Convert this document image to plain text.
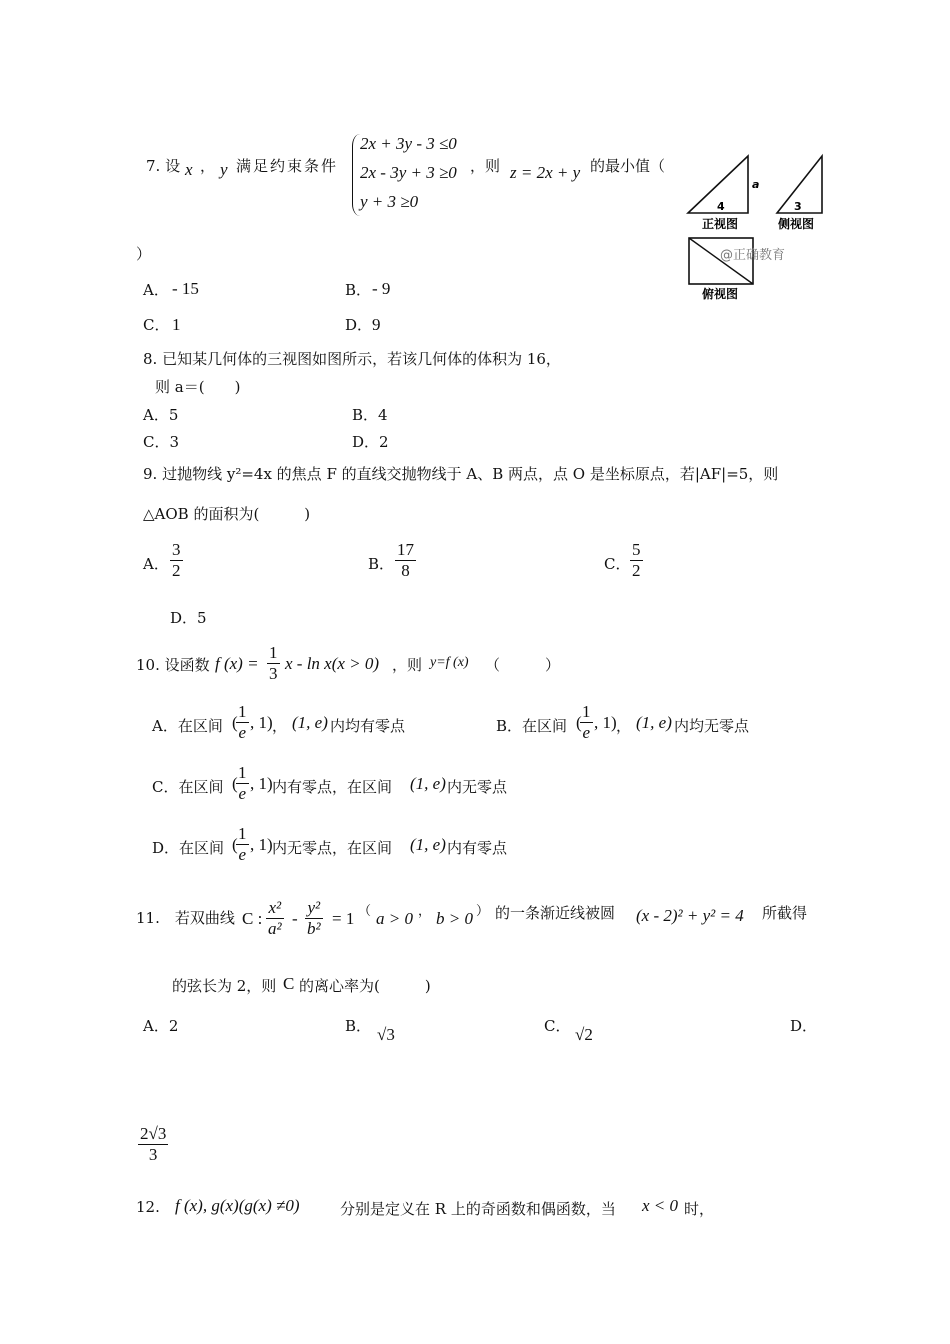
7. 设 x ， y 满足约束条件
2x + 3y - 3 ≤0
2x - 3y + 3 ≥0
y + 3 ≥0
，则 z = 2x + y 的最小值（
）
A． - 15	B． - 9
C． 1	D． 9
4
a
正视图
3
侧视图
俯视图
@正确教育
8. 已知某几何体的三视图如图所示，若该几何体的体积为 16，
则 a＝(　　)
A．5	B．4
C．3	D．2
9. 过抛物线 y²=4x 的焦点 F 的直线交抛物线于 A、B 两点，点 O 是坐标原点，若|AF|=5，则
△AOB 的面积为(　　　)
A． $\frac{3}{2}$	B． $\frac{17}{8}$	C． $\frac{5}{2}$
D．5
10. 设函数 f $(x) = \frac{1}{3}$ x - ln x(x > 0) ，则 y=f (x) （　　　）
A．在区间 (
$\frac{1}{e}$ , 1) ， (1, e) 内均有零点	B．在区间 (
$\frac{1}{e}$ , 1) ， (1, e) 内均无零点
C．在区间 (
$\frac{1}{e}$ , 1) 内有零点，在区间 (1, e) 内无零点
D．在区间 (
$\frac{1}{e}$ , 1) 内无零点，在区间 (1, e) 内有零点
11.　若双曲线 C : $\frac{\text{x²}}{\text{a²}} - \frac{\text{y²}}{\text{b²}} = 1$ （ a > 0 ， b > 0 ） 的一条渐近线被圆 (x - 2)² + y² = 4 所截得
的弦长为 2，则 C 的离心率为(　　　)
A．2	B． √3	C． √2	D．
$\frac{2√3}{3}$
12. f (x), g(x)(g(x) ≠0)	分别是定义在 R 上的奇函数和偶函数，当 x < 0 时，
